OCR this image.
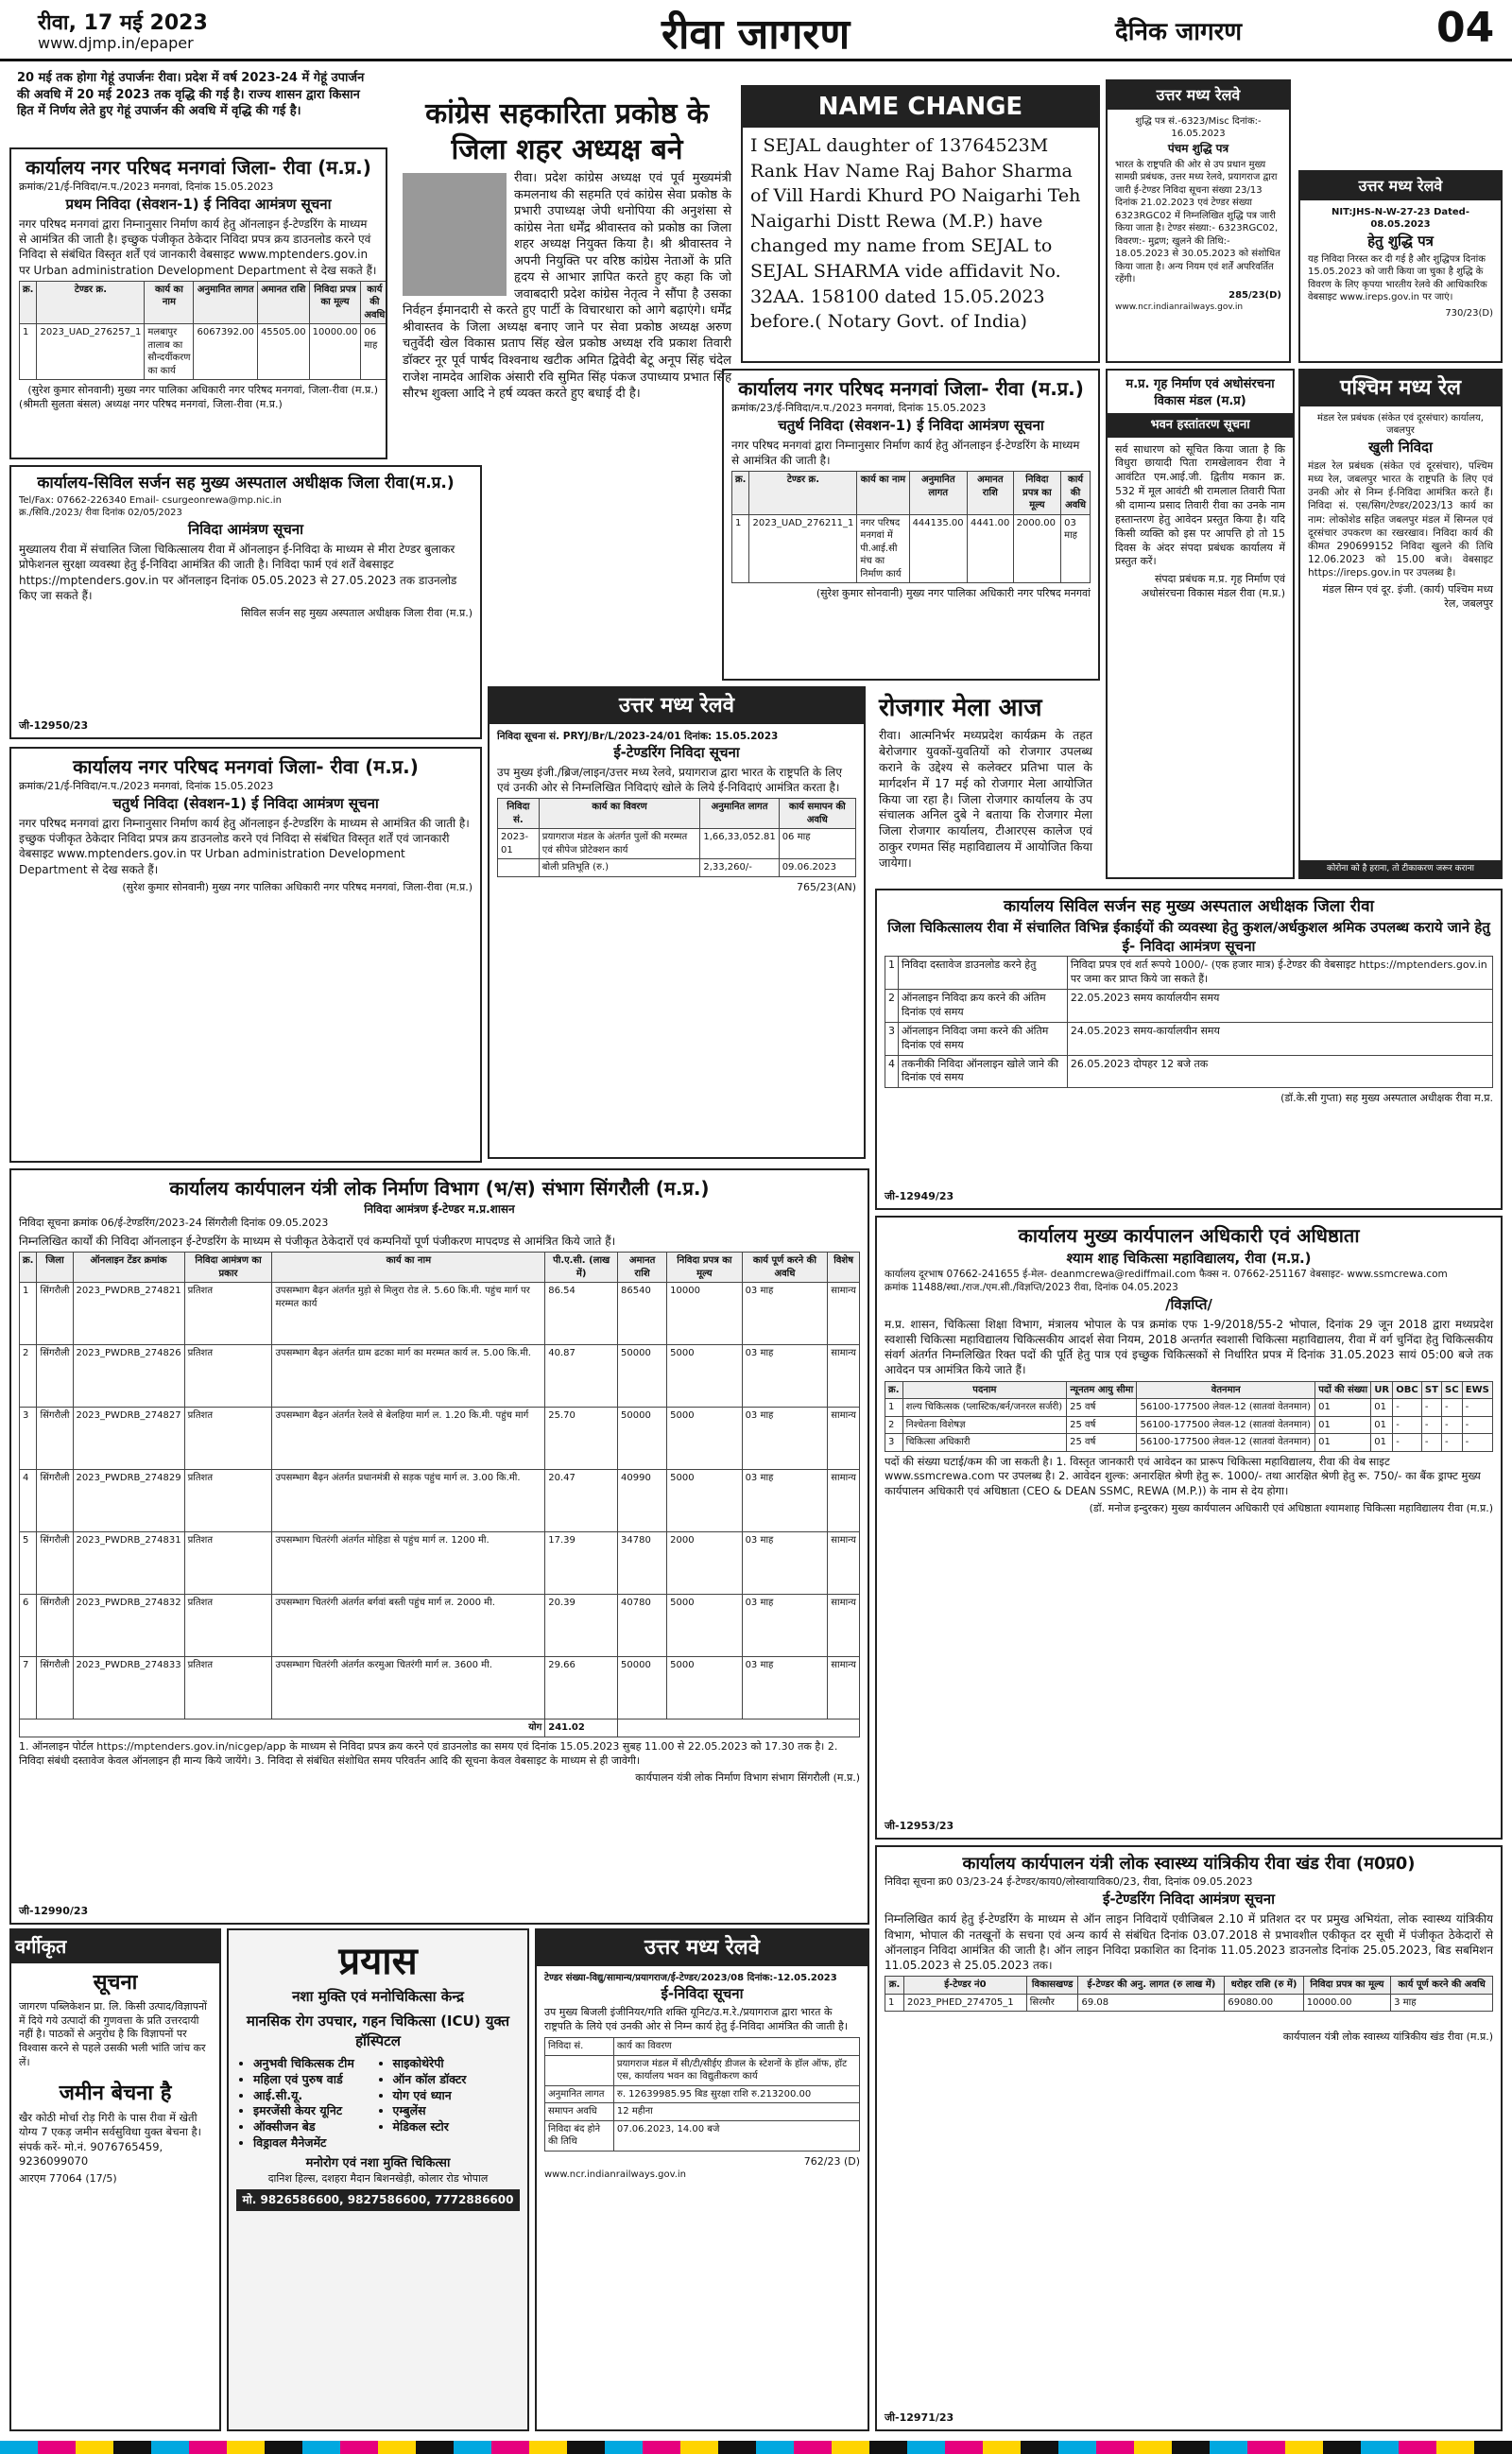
रीवा, 17 मई 2023
www.djmp.in/epaper	रीवा जागरण	दैनिक जागरण	04
20 मई तक होगा गेहूं उपार्जनः रीवा। प्रदेश में वर्ष 2023-24 में गेहूं उपार्जन की अवधि में 20 मई 2023 तक वृद्धि की गई है। राज्य शासन द्वारा किसान हित में निर्णय लेते हुए गेहूं उपार्जन की अवधि में वृद्धि की गई है।
कार्यालय नगर परिषद मनगवां जिला- रीवा (म.प्र.)
क्रमांक/21/ई-निविदा/न.प./2023 मनगवां, दिनांक 15.05.2023
प्रथम निविदा (सेवशन-1) ई निविदा आमंत्रण सूचना

नगर परिषद मनगवां द्वारा निम्नानुसार निर्माण कार्य हेतु ऑनलाइन ई-टेण्डरिंग के माध्यम से आमंत्रित की जाती है। इच्छुक पंजीकृत ठेकेदार निविदा प्रपत्र क्रय डाउनलोड करने एवं निविदा से संबंधित विस्तृत शर्तें एवं जानकारी वेबसाइट www.mptenders.gov.in पर Urban administration Development Department से देख सकते हैं।

क्र.	टेण्डर क्र.	कार्य का नाम	अनुमानित लागत	अमानत राशि	निविदा प्रपत्र का मूल्य	कार्य की अवधि
1	2023_UAD_276257_1	मलबापुर तालाब का सौन्दर्यीकरण का कार्य	6067392.00	45505.00	10000.00	06 माह
(सुरेश कुमार सोनवानी) मुख्य नगर पालिका अधिकारी नगर परिषद मनगवां, जिला-रीवा (म.प्र.)
(श्रीमती सुलता बंसल) अध्यक्ष नगर परिषद मनगवां, जिला-रीवा (म.प्र.)
कांग्रेस सहकारिता प्रकोष्ठ के जिला शहर अध्यक्ष बने

रीवा। प्रदेश कांग्रेस अध्यक्ष एवं पूर्व मुख्यमंत्री कमलनाथ की सहमति एवं कांग्रेस सेवा प्रकोष्ठ के प्रभारी उपाध्यक्ष जेपी धनोपिया की अनुशंसा से कांग्रेस नेता धर्मेंद्र श्रीवास्तव को प्रकोष्ठ का जिला शहर अध्यक्ष नियुक्त किया है। श्री श्रीवास्तव ने अपनी नियुक्ति पर वरिष्ठ कांग्रेस नेताओं के प्रति हृदय से आभार ज्ञापित करते हुए कहा कि जो जवाबदारी प्रदेश कांग्रेस नेतृत्व ने सौंपा है उसका निर्वहन ईमानदारी से करते हुए पार्टी के विचारधारा को आगे बढ़ाएंगे। धर्मेंद्र श्रीवास्तव के जिला अध्यक्ष बनाए जाने पर सेवा प्रकोष्ठ अध्यक्ष अरुण चतुर्वेदी खेल विकास प्रताप सिंह खेल प्रकोष्ठ अध्यक्ष रवि प्रकाश तिवारी डॉक्टर नूर पूर्व पार्षद विश्वनाथ खटीक अमित द्विवेदी बेटू अनूप सिंह चंदेल राजेश नामदेव आशिक अंसारी रवि सुमित सिंह पंकज उपाध्याय प्रभात सिंह सौरभ शुक्ला आदि ने हर्ष व्यक्त करते हुए बधाई दी है।

NAME CHANGE
I SEJAL daughter of 13764523M Rank Hav Name Raj Bahor Sharma of Vill Hardi Khurd PO Naigarhi Teh Naigarhi Distt Rewa (M.P.) have changed my name from SEJAL to SEJAL SHARMA vide affidavit No. 32AA. 158100 dated 15.05.2023 before.( Notary Govt. of India)
उत्तर मध्य रेलवे
शुद्धि पत्र सं.-6323/Misc दिनांक:- 16.05.2023
पंचम शुद्धि पत्र

भारत के राष्ट्रपति की ओर से उप प्रधान मुख्य सामग्री प्रबंधक, उत्तर मध्य रेलवे, प्रयागराज द्वारा जारी ई-टेण्डर निविदा सूचना संख्या 23/13 दिनांक 21.02.2023 एवं टेण्डर संख्या 6323RGC02 में निम्नलिखित शुद्धि पत्र जारी किया जाता है। टेण्डर संख्या:- 6323RGC02, विवरण:- मुद्रण; खुलने की तिथि:- 18.05.2023 से 30.05.2023 को संशोधित किया जाता है। अन्य नियम एवं शर्तें अपरिवर्तित रहेंगी।

285/23(D)
www.ncr.indianrailways.gov.in
उत्तर मध्य रेलवे
NIT:JHS-N-W-27-23 Dated-08.05.2023
हेतु शुद्धि पत्र

यह निविदा निरस्त कर दी गई है और शुद्धिपत्र दिनांक 15.05.2023 को जारी किया जा चुका है शुद्धि के विवरण के लिए कृपया भारतीय रेलवे की आधिकारिक वेबसाइट www.ireps.gov.in पर जाएं।

730/23(D)
कार्यालय नगर परिषद मनगवां जिला- रीवा (म.प्र.)
क्रमांक/23/ई-निविदा/न.प./2023 मनगवां, दिनांक 15.05.2023
चतुर्थ निविदा (सेवशन-1) ई निविदा आमंत्रण सूचना

नगर परिषद मनगवां द्वारा निम्नानुसार निर्माण कार्य हेतु ऑनलाइन ई-टेण्डरिंग के माध्यम से आमंत्रित की जाती है।

क्र.	टेण्डर क्र.	कार्य का नाम	अनुमानित लागत	अमानत राशि	निविदा प्रपत्र का मूल्य	कार्य की अवधि
1	2023_UAD_276211_1	नगर परिषद मनगवां में पी.आई.सी मंच का निर्माण कार्य	444135.00	4441.00	2000.00	03 माह
(सुरेश कुमार सोनवानी) मुख्य नगर पालिका अधिकारी नगर परिषद मनगवां
म.प्र. गृह निर्माण एवं अधोसंरचना विकास मंडल (म.प्र)
भवन हस्तांतरण सूचना

सर्व साधारण को सूचित किया जाता है कि विधुरा छायादी पिता रामखेलावन रीवा ने आवंटित एम.आई.जी. द्वितीय मकान क्र. 532 में मूल आवंटी श्री रामलाल तिवारी पिता श्री दामान्य प्रसाद तिवारी रीवा का उनके नाम हस्तान्तरण हेतु आवेदन प्रस्तुत किया है। यदि किसी व्यक्ति को इस पर आपत्ति हो तो 15 दिवस के अंदर संपदा प्रबंधक कार्यालय में प्रस्तुत करें।

संपदा प्रबंधक म.प्र. गृह निर्माण एवं अधोसंरचना विकास मंडल रीवा (म.प्र.)
पश्चिम मध्य रेल
मंडल रेल प्रबंधक (संकेत एवं दूरसंचार) कार्यालय, जबलपुर
खुली निविदा

मंडल रेल प्रबंधक (संकेत एवं दूरसंचार), पश्चिम मध्य रेल, जबलपुर भारत के राष्ट्रपति के लिए एवं उनकी ओर से निम्न ई-निविदा आमंत्रित करते हैं। निविदा सं. एस/सिग/टेण्डर/2023/13 कार्य का नाम: लोकोशेड सहित जबलपुर मंडल में सिग्नल एवं दूरसंचार उपकरण का रखरखाव। निविदा कार्य की कीमत 290699152 निविदा खुलने की तिथि 12.06.2023 को 15.00 बजे। वेबसाइट https://ireps.gov.in पर उपलब्ध है।

मंडल सिग्न एवं दूर. इंजी. (कार्य) पश्चिम मध्य रेल, जबलपुर
कोरोना को है हराना, तो टीकाकरण जरूर कराना
कार्यालय-सिविल सर्जन सह मुख्य अस्पताल अधीक्षक जिला रीवा(म.प्र.)
Tel/Fax: 07662-226340 Email- csurgeonrewa@mp.nic.in
क्र./सिवि./2023/ रीवा दिनांक 02/05/2023
निविदा आमंत्रण सूचना

मुख्यालय रीवा में संचालित जिला चिकित्सालय रीवा में ऑनलाइन ई-निविदा के माध्यम से मीरा टेण्डर बुलाकर प्रोफेशनल सुरक्षा व्यवस्था हेतु ई-निविदा आमंत्रित की जाती है। निविदा फार्म एवं शर्तें वेबसाइट https://mptenders.gov.in पर ऑनलाइन दिनांक 05.05.2023 से 27.05.2023 तक डाउनलोड किए जा सकते हैं।

सिविल सर्जन सह मुख्य अस्पताल अधीक्षक जिला रीवा (म.प्र.)
जी-12950/23
उत्तर मध्य रेलवे
निविदा सूचना सं. PRYJ/Br/L/2023-24/01 दिनांक: 15.05.2023
ई-टेण्डरिंग निविदा सूचना

उप मुख्य इंजी./ब्रिज/लाइन/उत्तर मध्य रेलवे, प्रयागराज द्वारा भारत के राष्ट्रपति के लिए एवं उनकी ओर से निम्नलिखित निविदाएं खोले के लिये ई-निविदाएं आमंत्रित करता है।

निविदा सं.	कार्य का विवरण	अनुमानित लागत	कार्य समापन की अवधि
2023-01	प्रयागराज मंडल के अंतर्गत पुलों की मरम्मत एवं सीपेज प्रोटेक्शन कार्य	1,66,33,052.81	06 माह
	बोली प्रतिभूति (रु.)	2,33,260/-	09.06.2023
765/23(AN)
रोजगार मेला आज

रीवा। आत्मनिर्भर मध्यप्रदेश कार्यक्रम के तहत बेरोजगार युवकों-युवतियों को रोजगार उपलब्ध कराने के उद्देश्य से कलेक्टर प्रतिभा पाल के मार्गदर्शन में 17 मई को रोजगार मेला आयोजित किया जा रहा है। जिला रोजगार कार्यालय के उप संचालक अनिल दुबे ने बताया कि रोजगार मेला जिला रोजगार कार्यालय, टीआरएस कालेज एवं ठाकुर रणमत सिंह महाविद्यालय में आयोजित किया जायेगा।

कार्यालय नगर परिषद मनगवां जिला- रीवा (म.प्र.)
क्रमांक/21/ई-निविदा/न.प./2023 मनगवां, दिनांक 15.05.2023
चतुर्थ निविदा (सेवशन-1) ई निविदा आमंत्रण सूचना

नगर परिषद मनगवां द्वारा निम्नानुसार निर्माण कार्य हेतु ऑनलाइन ई-टेण्डरिंग के माध्यम से आमंत्रित की जाती है। इच्छुक पंजीकृत ठेकेदार निविदा प्रपत्र क्रय डाउनलोड करने एवं निविदा से संबंधित विस्तृत शर्तें एवं जानकारी वेबसाइट www.mptenders.gov.in पर Urban administration Development Department से देख सकते हैं।

(सुरेश कुमार सोनवानी) मुख्य नगर पालिका अधिकारी नगर परिषद मनगवां, जिला-रीवा (म.प्र.)
कार्यालय सिविल सर्जन सह मुख्य अस्पताल अधीक्षक जिला रीवा
जिला चिकित्सालय रीवा में संचालित विभिन्न ईकाईयों की व्यवस्था हेतु कुशल/अर्धकुशल श्रमिक उपलब्ध कराये जाने हेतु
ई- निविदा आमंत्रण सूचना
1	निविदा दस्तावेज डाउनलोड करने हेतु	निविदा प्रपत्र एवं शर्त रूपये 1000/- (एक हजार मात्र) ई-टेण्डर की वेबसाइट https://mptenders.gov.in पर जमा कर प्राप्त किये जा सकते हैं।
2	ऑनलाइन निविदा क्रय करने की अंतिम दिनांक एवं समय	22.05.2023 समय कार्यालयीन समय
3	ऑनलाइन निविदा जमा करने की अंतिम दिनांक एवं समय	24.05.2023 समय-कार्यालयीन समय
4	तकनीकी निविदा ऑनलाइन खोले जाने की दिनांक एवं समय	26.05.2023 दोपहर 12 बजे तक
(डॉ.के.सी गुप्ता) सह मुख्य अस्पताल अधीक्षक रीवा म.प्र.
जी-12949/23
कार्यालय कार्यपालन यंत्री लोक निर्माण विभाग (भ/स) संभाग सिंगरौली (म.प्र.)
निविदा आमंत्रण ई-टेण्डर म.प्र.शासन
निविदा सूचना क्रमांक 06/ई-टेण्डरिंग/2023-24 सिंगरौली दिनांक 09.05.2023

निम्नलिखित कार्यों की निविदा ऑनलाइन ई-टेण्डरिंग के माध्यम से पंजीकृत ठेकेदारों एवं कम्पनियों पूर्ण पंजीकरण मापदण्ड से आमंत्रित किये जाते हैं।

क्र.	जिला	ऑनलाइन टेंडर क्रमांक	निविदा आमंत्रण का प्रकार	कार्य का नाम	पी.ए.सी. (लाख में)	अमानत राशि	निविदा प्रपत्र का मूल्य	कार्य पूर्ण करने की अवधि	विशेष
1	सिंगरौली	2023_PWDRB_274821	प्रतिशत	उपसम्भाग बैढ़न अंतर्गत मुड़ो से मिलुरा रोड ले. 5.60 कि.मी. पहुंच मार्ग पर मरम्मत कार्य	86.54	86540	10000	03 माह	सामान्य
2	सिंगरौली	2023_PWDRB_274826	प्रतिशत	उपसम्भाग बैढ़न अंतर्गत ग्राम ढटका मार्ग का मरम्मत कार्य ल. 5.00 कि.मी.	40.87	50000	5000	03 माह	सामान्य
3	सिंगरौली	2023_PWDRB_274827	प्रतिशत	उपसम्भाग बैढ़न अंतर्गत रेलवे से बेलहिया मार्ग ल. 1.20 कि.मी. पहुंच मार्ग	25.70	50000	5000	03 माह	सामान्य
4	सिंगरौली	2023_PWDRB_274829	प्रतिशत	उपसम्भाग बैढ़न अंतर्गत प्रधानमंत्री से सड़क पहुंच मार्ग ल. 3.00 कि.मी.	20.47	40990	5000	03 माह	सामान्य
5	सिंगरौली	2023_PWDRB_274831	प्रतिशत	उपसम्भाग चितरंगी अंतर्गत मोहिडा से पहुंच मार्ग ल. 1200 मी.	17.39	34780	2000	03 माह	सामान्य
6	सिंगरौली	2023_PWDRB_274832	प्रतिशत	उपसम्भाग चितरंगी अंतर्गत बर्गवां बस्ती पहुंच मार्ग ल. 2000 मी.	20.39	40780	5000	03 माह	सामान्य
7	सिंगरौली	2023_PWDRB_274833	प्रतिशत	उपसम्भाग चितरंगी अंतर्गत करमुआ चितरंगी मार्ग ल. 3600 मी.	29.66	50000	5000	03 माह	सामान्य
योग					241.02				

1. ऑनलाइन पोर्टल https://mptenders.gov.in/nicgep/app के माध्यम से निविदा प्रपत्र क्रय करने एवं डाउनलोड का समय एवं दिनांक 15.05.2023 सुबह 11.00 से 22.05.2023 को 17.30 तक है। 2. निविदा संबंधी दस्तावेज केवल ऑनलाइन ही मान्य किये जायेंगे। 3. निविदा से संबंधित संशोधित समय परिवर्तन आदि की सूचना केवल वेबसाइट के माध्यम से ही जावेगी।

कार्यपालन यंत्री लोक निर्माण विभाग संभाग सिंगरौली (म.प्र.)
जी-12990/23
कार्यालय मुख्य कार्यपालन अधिकारी एवं अधिष्ठाता
श्याम शाह चिकित्सा महाविद्यालय, रीवा (म.प्र.)
कार्यालय दूरभाष 07662-241655 ई-मेल- deanmcrewa@rediffmail.com फैक्स न. 07662-251167 वेबसाइट- www.ssmcrewa.com
क्रमांक 11488/स्था./राज./एम.सी./विज्ञप्ति/2023 रीवा, दिनांक 04.05.2023
/विज्ञप्ति/

म.प्र. शासन, चिकित्सा शिक्षा विभाग, मंत्रालय भोपाल के पत्र क्रमांक एफ 1-9/2018/55-2 भोपाल, दिनांक 29 जून 2018 द्वारा मध्यप्रदेश स्वशासी चिकित्सा महाविद्यालय चिकित्सकीय आदर्श सेवा नियम, 2018 अन्तर्गत स्वशासी चिकित्सा महाविद्यालय, रीवा में वर्ग चुनिंदा हेतु चिकित्सकीय संवर्ग अंतर्गत निम्नलिखित रिक्त पदों की पूर्ति हेतु पात्र एवं इच्छुक चिकित्सकों से निर्धारित प्रपत्र में दिनांक 31.05.2023 सायं 05:00 बजे तक आवेदन पत्र आमंत्रित किये जाते हैं।

क्र.	पदनाम	न्यूनतम आयु सीमा	वेतनमान	पदों की संख्या	UR	OBC	ST	SC	EWS
1	शल्य चिकित्सक (प्लास्टिक/बर्न/जनरल सर्जरी)	25 वर्ष	56100-177500 लेवल-12 (सातवां वेतनमान)	01	01	-	-	-	-
2	निश्चेतना विशेषज्ञ	25 वर्ष	56100-177500 लेवल-12 (सातवां वेतनमान)	01	01	-	-	-	-
3	चिकित्सा अधिकारी	25 वर्ष	56100-177500 लेवल-12 (सातवां वेतनमान)	01	01	-	-	-	-

पदों की संख्या घटाई/कम की जा सकती है। 1. विस्तृत जानकारी एवं आवेदन का प्रारूप चिकित्सा महाविद्यालय, रीवा की वेब साइट www.ssmcrewa.com पर उपलब्ध है। 2. आवेदन शुल्क: अनारक्षित श्रेणी हेतु रू. 1000/- तथा आरक्षित श्रेणी हेतु रू. 750/- का बैंक ड्राफ्ट मुख्य कार्यपालन अधिकारी एवं अधिष्ठाता (CEO & DEAN SSMC, REWA (M.P.)) के नाम से देय होगा।

(डॉ. मनोज इन्दुरकर) मुख्य कार्यपालन अधिकारी एवं अधिष्ठाता श्यामशाह चिकित्सा महाविद्यालय रीवा (म.प्र.)
जी-12953/23
कार्यालय कार्यपालन यंत्री लोक स्वास्थ्य यांत्रिकीय रीवा खंड रीवा (म0प्र0)
निविदा सूचना क्र0 03/23-24 ई-टेण्डर/काय0/लोस्वायाविक0/23, रीवा, दिनांक 09.05.2023
ई-टेण्डरिंग निविदा आमंत्रण सूचना

निम्नलिखित कार्य हेतु ई-टेण्डरिंग के माध्यम से ऑन लाइन निविदायें एवीजिबल 2.10 में प्रतिशत दर पर प्रमुख अभियंता, लोक स्वास्थ्य यांत्रिकीय विभाग, भोपाल की नतखूनों के सचना एवं अन्य कार्य से संबंधित दिनांक 03.07.2018 से प्रभावशील एकीकृत दर सूची में पंजीकृत ठेकेदारों से ऑनलाइन निविदा आमंत्रित की जाती है। ऑन लाइन निविदा प्रकाशित का दिनांक 11.05.2023 डाउनलोड दिनांक 25.05.2023, बिड सबमिशन 11.05.2023 से 25.05.2023 तक।

क्र.	ई-टेण्डर नं0	विकासखण्ड	ई-टेण्डर की अनु. लागत (रु लाख में)	धरोहर राशि (रु में)	निविदा प्रपत्र का मूल्य	कार्य पूर्ण करने की अवधि
1	2023_PHED_274705_1	सिरमौर	69.08	69080.00	10000.00	3 माह
कार्यपालन यंत्री लोक स्वास्थ्य यांत्रिकीय खंड रीवा (म.प्र.)
जी-12971/23
वर्गीकृत
सूचना

जागरण पब्लिकेशन प्रा. लि. किसी उत्पाद/विज्ञापनों में दिये गये उत्पादों की गुणवत्ता के प्रति उत्तरदायी नहीं है। पाठकों से अनुरोध है कि विज्ञापनों पर विश्वास करने से पहले उसकी भली भांति जांच कर लें।

जमीन बेचना है

खैर कोठी मोर्चा रोड़ गिरी के पास रीवा में खेती योग्य 7 एकड़ जमीन सर्वसुविधा युक्त बेचना है। संपर्क करें- मो.नं. 9076765459, 9236099070

आरएम 77064 (17/5)
प्रयास
नशा मुक्ति एवं मनोचिकित्सा केन्द्र
मानसिक रोग उपचार, गहन चिकित्सा (ICU) युक्त हॉस्पिटल
• अनुभवी चिकित्सक टीम
• महिला एवं पुरुष वार्ड
• आई.सी.यू.
• इमरजेंसी केयर यूनिट
• ऑक्सीजन बेड
• विड्रावल मैनेजमेंट
• साइकोथेरेपी
• ऑन कॉल डॉक्टर
• योग एवं ध्यान
• एम्बुलेंस
• मेडिकल स्टोर
मनोरोग एवं नशा मुक्ति चिकित्सा
दानिश हिल्स, दशहरा मैदान बिशनखेड़ी, कोलार रोड भोपाल
मो. 9826586600, 9827586600, 7772886600
उत्तर मध्य रेलवे
टेण्डर संख्या-विद्यु/सामान्य/प्रयागराज/ई-टेण्डर/2023/08 दिनांक:-12.05.2023
ई-निविदा सूचना

उप मुख्य बिजली इंजीनियर/गति शक्ति यूनिट/उ.म.रे./प्रयागराज द्वारा भारत के राष्ट्रपति के लिये एवं उनकी ओर से निम्न कार्य हेतु ई-निविदा आमंत्रित की जाती है।

निविदा सं.	कार्य का विवरण
	प्रयागराज मंडल में सी/टी/सीईए डीजल के स्टेशनों के हॉल ऑफ, हॉट एस, कार्यालय भवन का विद्युतीकरण कार्य
अनुमानित लागत	रु. 12639985.95 बिड सुरक्षा राशि रु.213200.00
समापन अवधि	12 महीना
निविदा बंद होने की तिथि	07.06.2023, 14.00 बजे
762/23 (D)
www.ncr.indianrailways.gov.in
